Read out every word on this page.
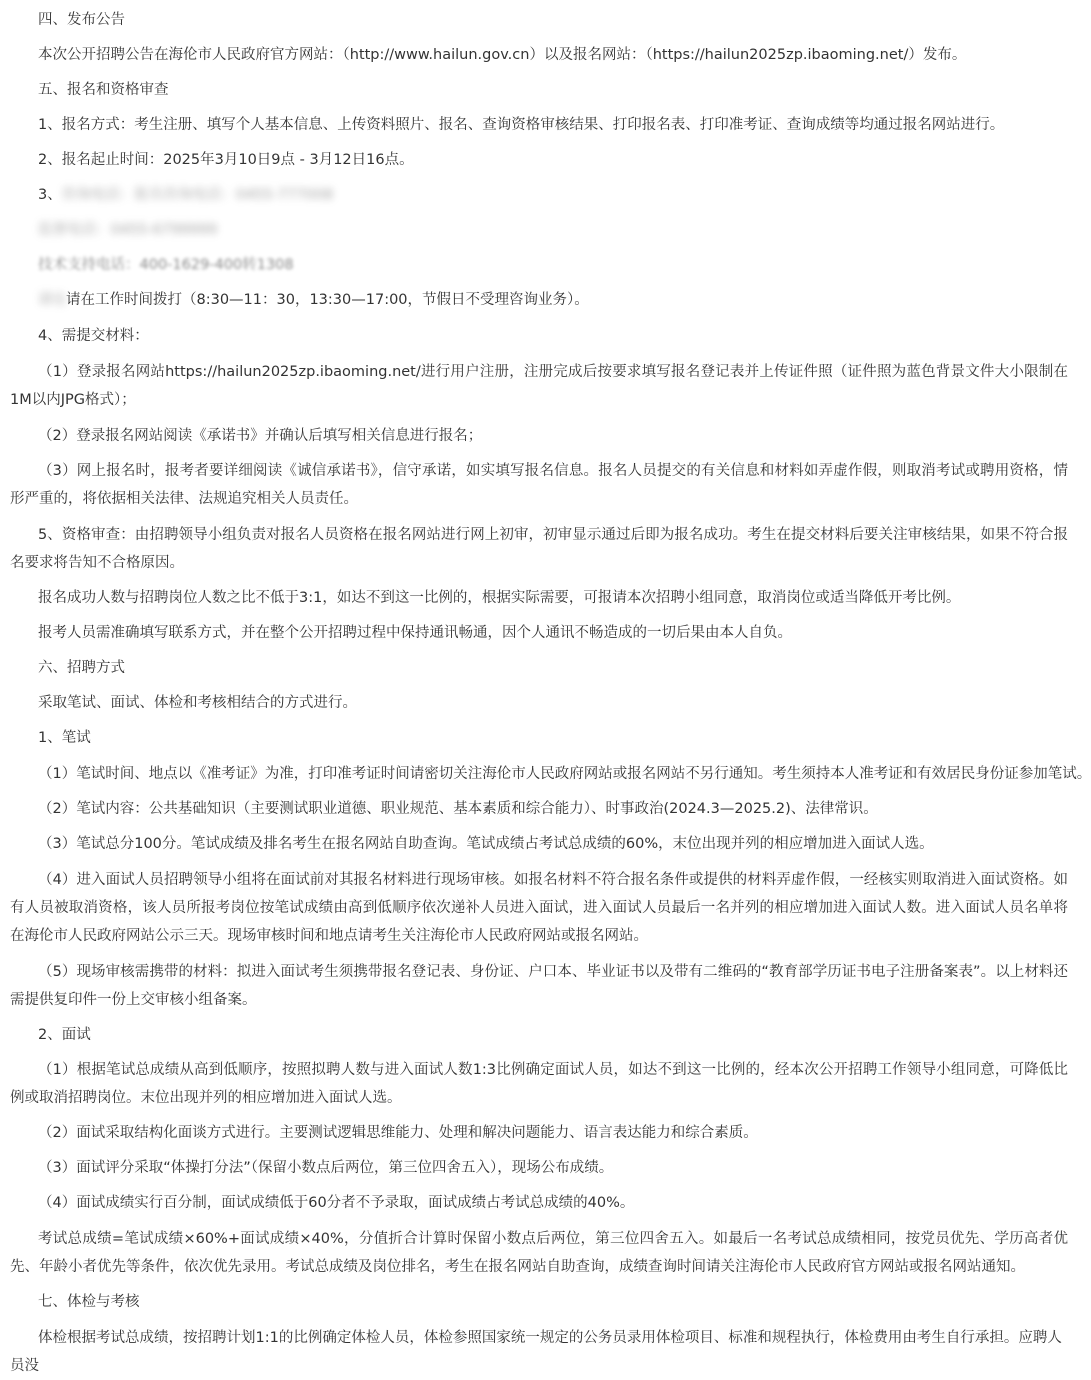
四、发布公告
本次公开招聘公告在海伦市人民政府官方网站：（http://www.hailun.gov.cn）以及报名网站：（https://hailun2025zp.ibaoming.net/）发布。
五、报名和资格审查
1、报名方式：考生注册、填写个人基本信息、上传资料照片、报名、查询资格审核结果、打印报名表、打印准考证、查询成绩等均通过报名网站进行。
2、报名起止时间：2025年3月10日9点 - 3月12日16点。
3、咨询电话：报名咨询电话：0455-777008
监督电话：0455-6799999
技术支持电话：400-1629-400转1308
请在请在工作时间拨打（8:30—11：30，13:30—17:00，节假日不受理咨询业务）。
4、需提交材料：
（1）登录报名网站https://hailun2025zp.ibaoming.net/进行用户注册，注册完成后按要求填写报名登记表并上传证件照（证件照为蓝色背景文件大小限制在1M以内JPG格式）；
（2）登录报名网站阅读《承诺书》并确认后填写相关信息进行报名；
（3）网上报名时，报考者要详细阅读《诚信承诺书》，信守承诺，如实填写报名信息。报名人员提交的有关信息和材料如弄虚作假，则取消考试或聘用资格，情形严重的，将依据相关法律、法规追究相关人员责任。
5、资格审查：由招聘领导小组负责对报名人员资格在报名网站进行网上初审，初审显示通过后即为报名成功。考生在提交材料后要关注审核结果，如果不符合报名要求将告知不合格原因。
报名成功人数与招聘岗位人数之比不低于3:1，如达不到这一比例的，根据实际需要，可报请本次招聘小组同意，取消岗位或适当降低开考比例。
报考人员需准确填写联系方式，并在整个公开招聘过程中保持通讯畅通，因个人通讯不畅造成的一切后果由本人自负。
六、招聘方式
采取笔试、面试、体检和考核相结合的方式进行。
1、笔试
（1）笔试时间、地点以《准考证》为准，打印准考证时间请密切关注海伦市人民政府网站或报名网站不另行通知。考生须持本人准考证和有效居民身份证参加笔试。
（2）笔试内容：公共基础知识（主要测试职业道德、职业规范、基本素质和综合能力）、时事政治(2024.3—2025.2)、法律常识。
（3）笔试总分100分。笔试成绩及排名考生在报名网站自助查询。笔试成绩占考试总成绩的60%，末位出现并列的相应增加进入面试人选。
（4）进入面试人员招聘领导小组将在面试前对其报名材料进行现场审核。如报名材料不符合报名条件或提供的材料弄虚作假，一经核实则取消进入面试资格。如有人员被取消资格，该人员所报考岗位按笔试成绩由高到低顺序依次递补人员进入面试，进入面试人员最后一名并列的相应增加进入面试人数。进入面试人员名单将在海伦市人民政府网站公示三天。现场审核时间和地点请考生关注海伦市人民政府网站或报名网站。
（5）现场审核需携带的材料：拟进入面试考生须携带报名登记表、身份证、户口本、毕业证书以及带有二维码的“教育部学历证书电子注册备案表”。以上材料还需提供复印件一份上交审核小组备案。
2、面试
（1）根据笔试总成绩从高到低顺序，按照拟聘人数与进入面试人数1:3比例确定面试人员，如达不到这一比例的，经本次公开招聘工作领导小组同意，可降低比例或取消招聘岗位。末位出现并列的相应增加进入面试人选。
（2）面试采取结构化面谈方式进行。主要测试逻辑思维能力、处理和解决问题能力、语言表达能力和综合素质。
（3）面试评分采取“体操打分法”（保留小数点后两位，第三位四舍五入），现场公布成绩。
（4）面试成绩实行百分制，面试成绩低于60分者不予录取，面试成绩占考试总成绩的40%。
考试总成绩=笔试成绩×60%+面试成绩×40%，分值折合计算时保留小数点后两位，第三位四舍五入。如最后一名考试总成绩相同，按党员优先、学历高者优先、年龄小者优先等条件，依次优先录用。考试总成绩及岗位排名，考生在报名网站自助查询，成绩查询时间请关注海伦市人民政府官方网站或报名网站通知。
七、体检与考核
体检根据考试总成绩，按招聘计划1:1的比例确定体检人员，体检参照国家统一规定的公务员录用体检项目、标准和规程执行，体检费用由考生自行承担。应聘人员没
